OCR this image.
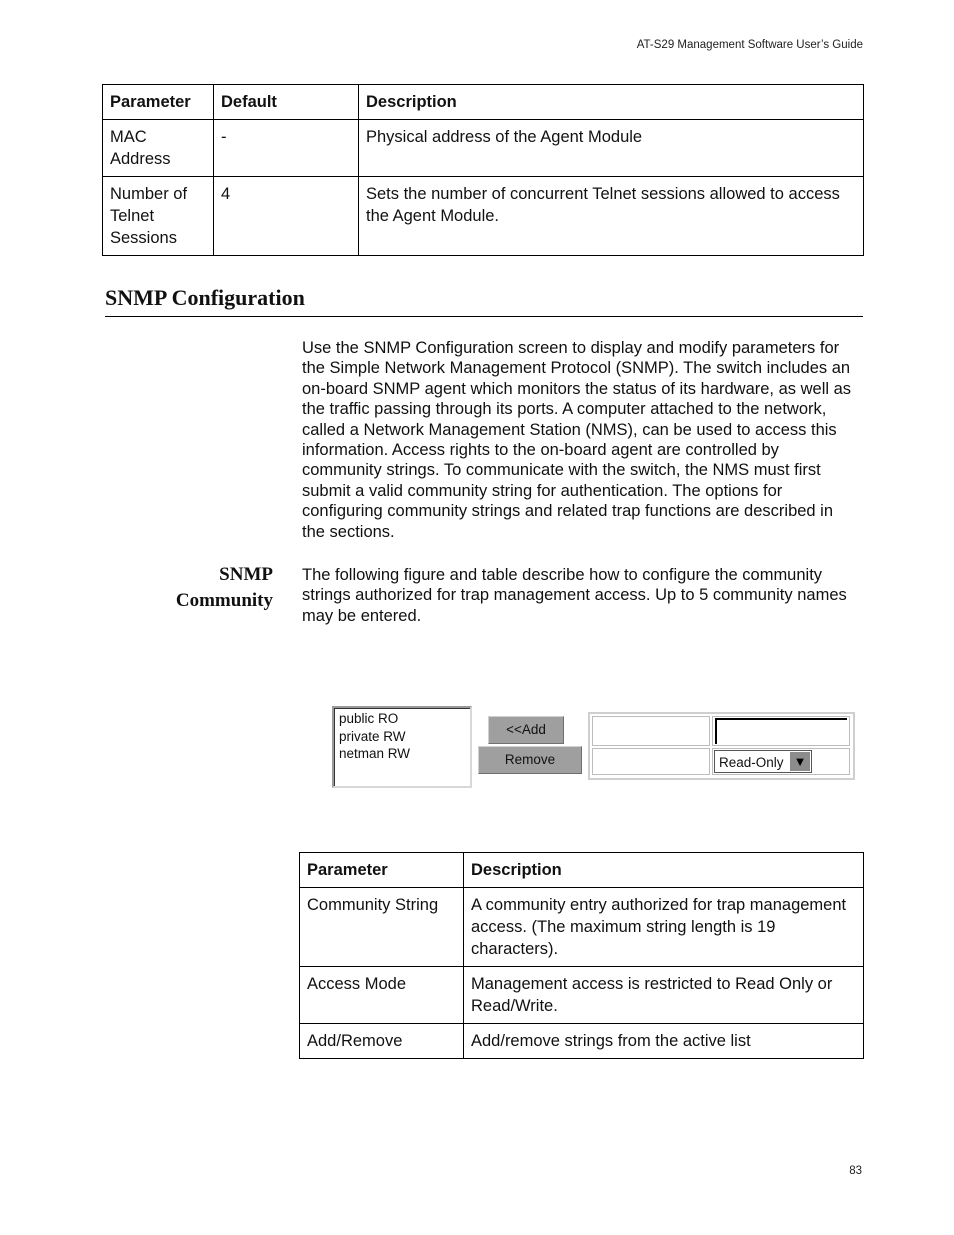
AT-S29 Management Software User’s Guide
Parameter	Default	Description
MAC Address	-	Physical address of the Agent Module
Number of Telnet Sessions	4	Sets the number of concurrent Telnet sessions allowed to access the Agent Module.
SNMP Configuration
Use the SNMP Configuration screen to display and modify parameters for the Simple Network Management Protocol (SNMP). The switch includes an on-board SNMP agent which monitors the status of its hardware, as well as the traffic passing through its ports. A computer attached to the network, called a Network Management Station (NMS), can be used to access this information. Access rights to the on-board agent are controlled by community strings. To communicate with the switch, the NMS must first submit a valid community string for authentication. The options for configuring community strings and related trap functions are described in the sections.
SNMP
Community
The following figure and table describe how to configure the community strings authorized for trap management access. Up to 5 community names may be entered.
public RO
private RW
netman RW
<<Add
Remove	Read-Only ▼
Parameter	Description
Community String	A community entry authorized for trap management access. (The maximum string length is 19 characters).
Access Mode	Management access is restricted to Read Only or Read/Write.
Add/Remove	Add/remove strings from the active list
83
